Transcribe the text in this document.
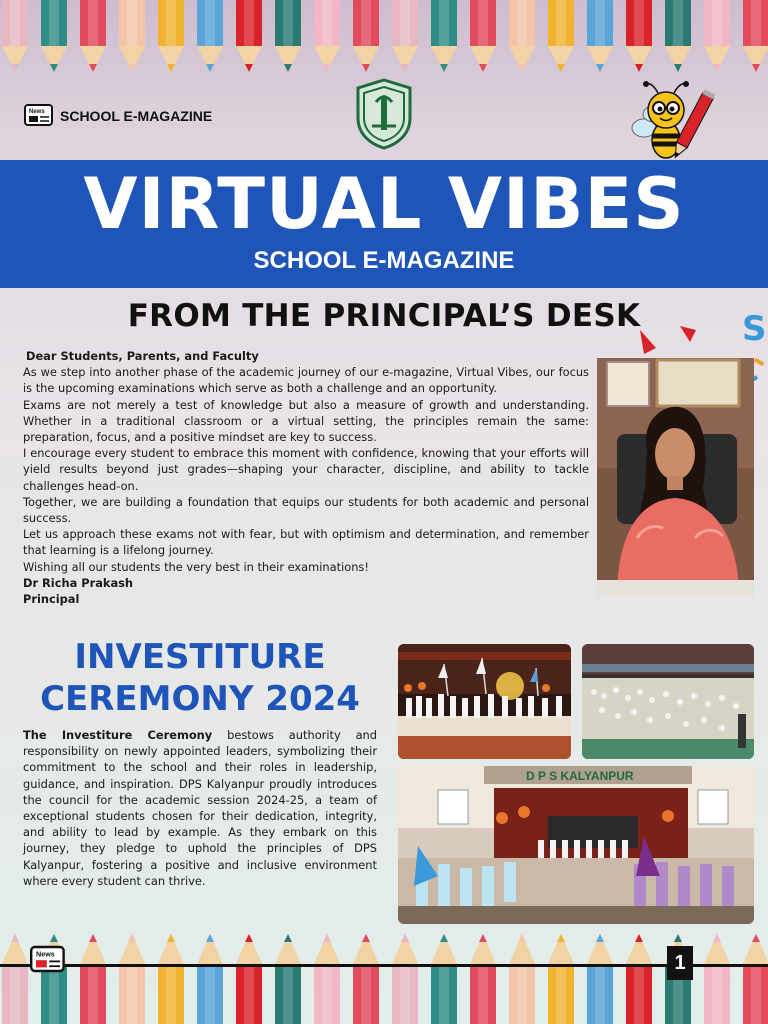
News SCHOOL E-MAGAZINE
VIRTUAL VIBES
SCHOOL E-MAGAZINE
S
FROM THE PRINCIPAL’S DESK

Dear Students, Parents, and Faculty

As we step into another phase of the academic journey of our e-magazine, Virtual Vibes, our focus is the upcoming examinations which serve as both a challenge and an opportunity.

Exams are not merely a test of knowledge but also a measure of growth and understanding. Whether in a traditional classroom or a virtual setting, the principles remain the same: preparation, focus, and a positive mindset are key to success.

I encourage every student to embrace this moment with confidence, knowing that your efforts will yield results beyond just grades—shaping your character, discipline, and ability to tackle challenges head-on.

Together, we are building a foundation that equips our students for both academic and personal success.

Let us approach these exams not with fear, but with optimism and determination, and remember that learning is a lifelong journey.

Wishing all our students the very best in their examinations!

Dr Richa Prakash

Principal

INVESTITURE
CEREMONY 2024
The Investiture Ceremony bestows authority and responsibility on newly appointed leaders, symbolizing their commitment to the school and their roles in leadership, guidance, and inspiration. DPS Kalyanpur proudly introduces the council for the academic session 2024-25, a team of exceptional students chosen for their dedication, integrity, and ability to lead by example. As they embark on this journey, they pledge to uphold the principles of DPS Kalyanpur, fostering a positive and inclusive environment where every student can thrive.
D P S KALYANPUR
News	1
